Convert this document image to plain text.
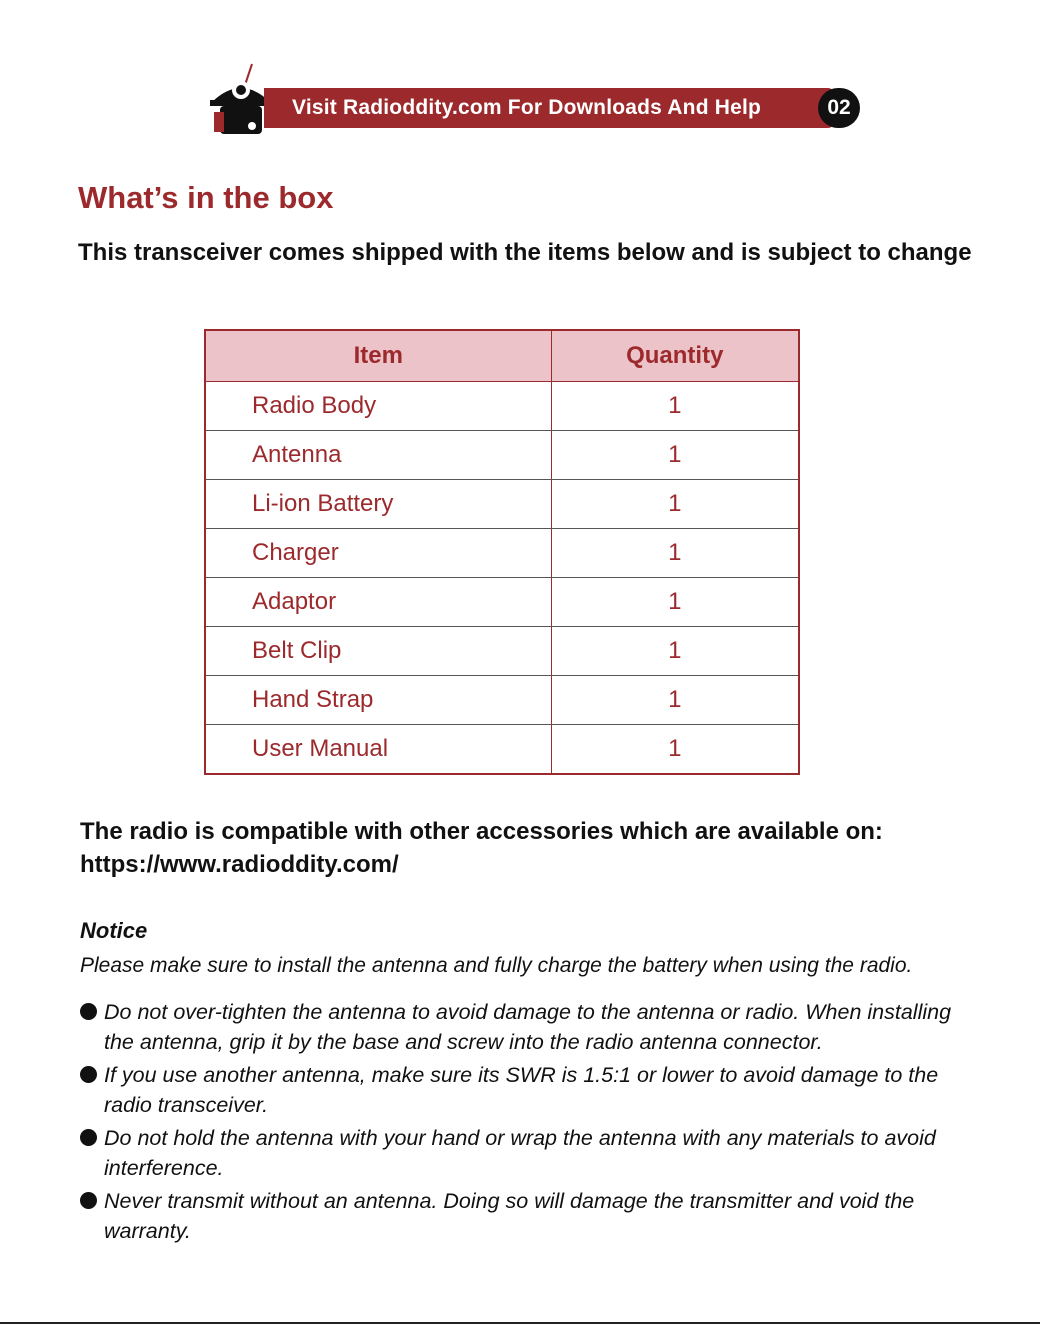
Visit Radioddity.com For Downloads And Help	02
What’s in the box

This transceiver comes shipped with the items below and is subject to change

Item	Quantity
Radio Body	1
Antenna	1
Li-ion Battery	1
Charger	1
Adaptor	1
Belt Clip	1
Hand Strap	1
User Manual	1
The radio is compatible with other accessories which are available on:
https://www.radioddity.com/

Notice

Please make sure to install the antenna and fully charge the battery when using the radio.

Do not over-tighten the antenna to avoid damage to the antenna or radio. When installing the antenna, grip it by the base and screw into the radio antenna connector.
If you use another antenna, make sure its SWR is 1.5:1 or lower to avoid damage to the radio transceiver.
Do not hold the antenna with your hand or wrap the antenna with any materials to avoid interference.
Never transmit without an antenna. Doing so will damage the transmitter and void the warranty.
